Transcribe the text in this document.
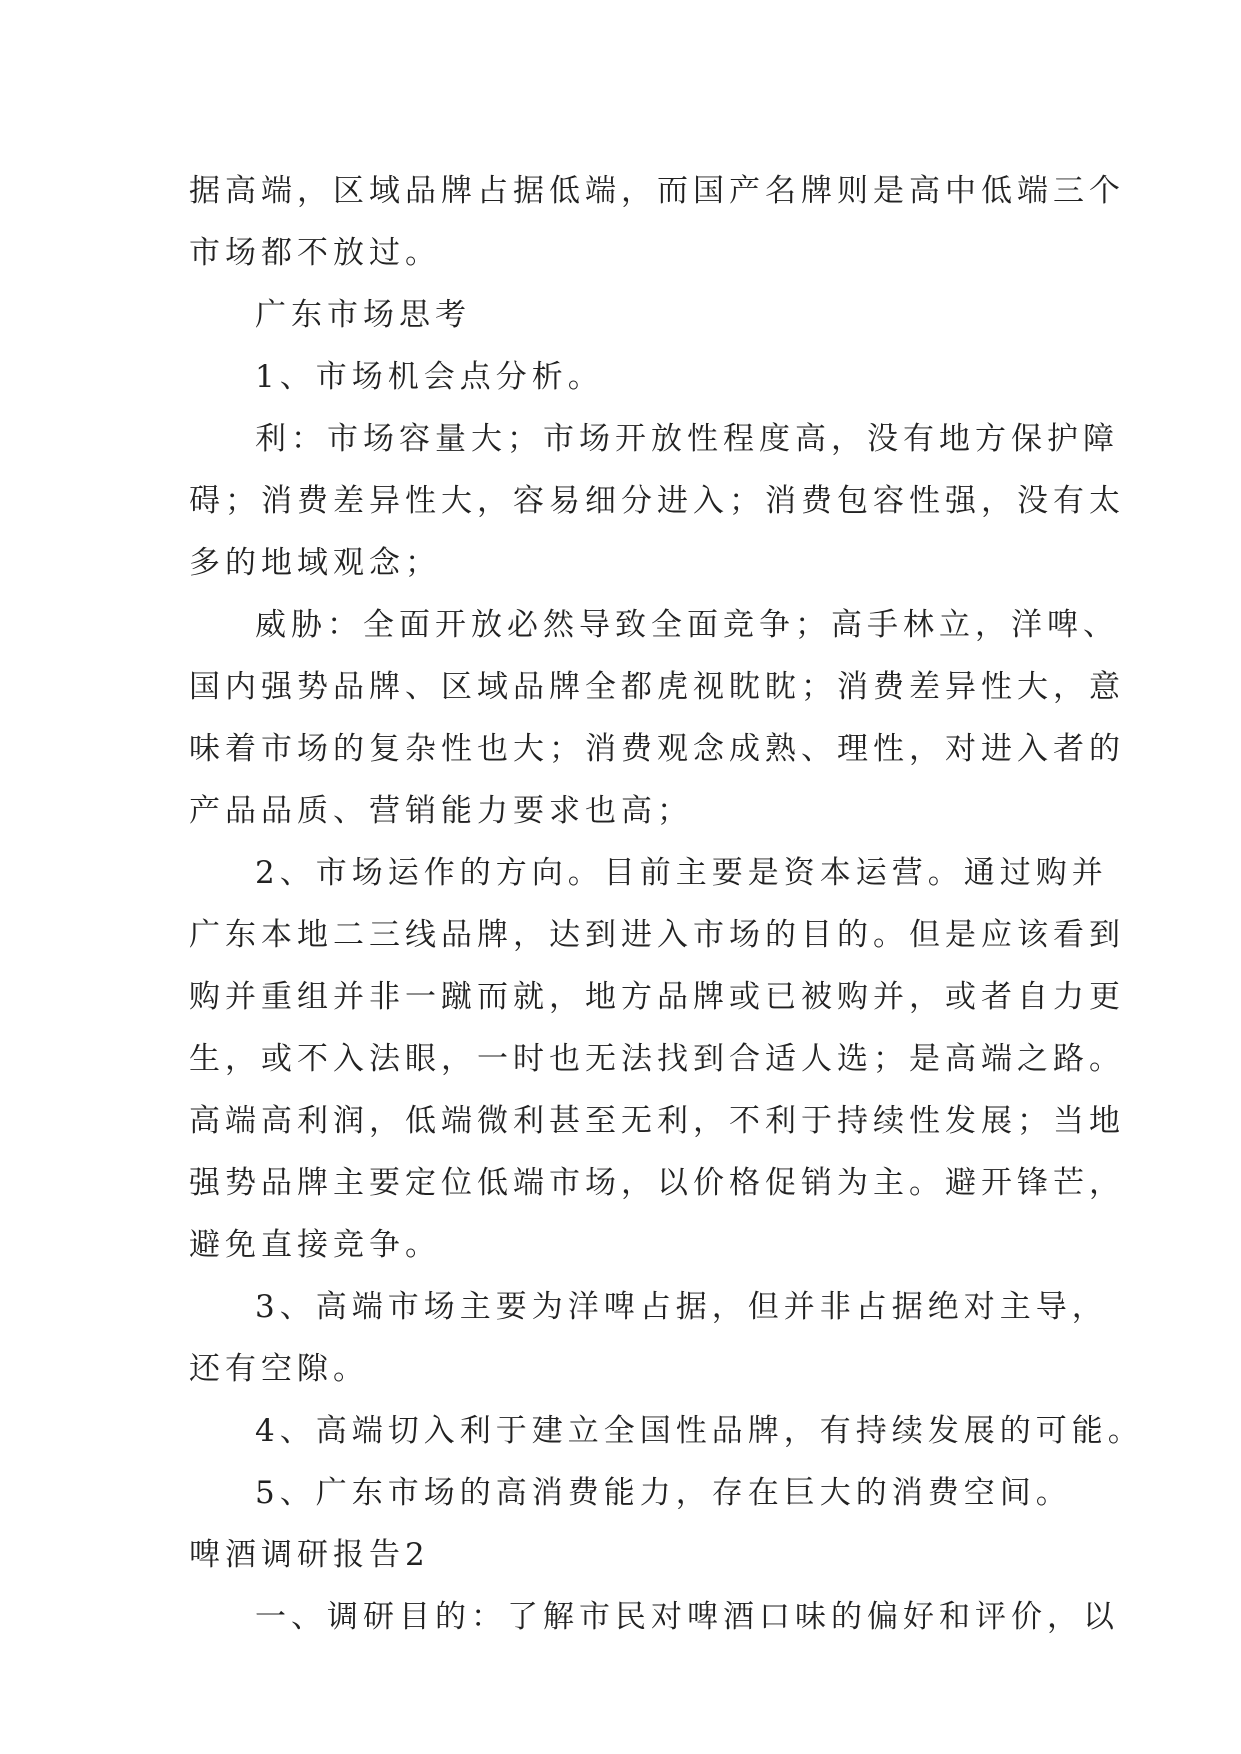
据高端，区域品牌占据低端，而国产名牌则是高中低端三个
市场都不放过。
广东市场思考
1、市场机会点分析。
利：市场容量大；市场开放性程度高，没有地方保护障
碍；消费差异性大，容易细分进入；消费包容性强，没有太
多的地域观念；
威胁：全面开放必然导致全面竞争；高手林立，洋啤、
国内强势品牌、区域品牌全都虎视眈眈；消费差异性大，意
味着市场的复杂性也大；消费观念成熟、理性，对进入者的
产品品质、营销能力要求也高；
2、市场运作的方向。目前主要是资本运营。通过购并
广东本地二三线品牌，达到进入市场的目的。但是应该看到
购并重组并非一蹴而就，地方品牌或已被购并，或者自力更
生，或不入法眼，一时也无法找到合适人选；是高端之路。
高端高利润，低端微利甚至无利，不利于持续性发展；当地
强势品牌主要定位低端市场，以价格促销为主。避开锋芒，
避免直接竞争。
3、高端市场主要为洋啤占据，但并非占据绝对主导，
还有空隙。
4、高端切入利于建立全国性品牌，有持续发展的可能。
5、广东市场的高消费能力，存在巨大的消费空间。
啤酒调研报告2
一、调研目的：了解市民对啤酒口味的偏好和评价，以
